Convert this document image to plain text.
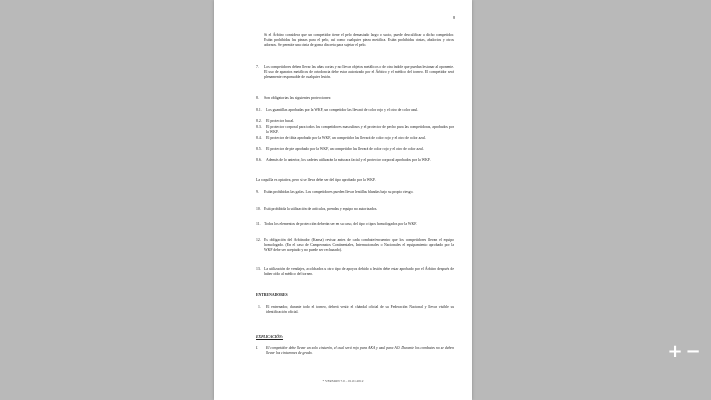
8
Si el Árbitro considera que un competidor tiene el pelo demasiado largo o sucio, puede descalificar a dicho competidor. Están prohibidas las pinzas para el pelo, así como cualquier pieza metálica. Están prohibidas cintas, abalorios y otros adornos. Se permite una cinta de goma discreta para sujetar el pelo.
7. Los competidores deben llevar las uñas cortas y no llevar objetos metálicos o de otra índole que puedan lesionar al oponente. El uso de aparatos metálicos de ortodoncia debe estar autorizado por el Árbitro y el médico del torneo. El competidor será plenamente responsable de cualquier lesión.
8. Son obligatorias las siguientes protecciones:
8.1. Los guantillas aprobadas por la WKF, un competidor las llevará de color rojo y el otro de color azul.
8.2. El protector bucal.
8.3. El protector corporal para todos los competidores masculinos y el protector de pecho para las competidoras, aprobados por la WKF.
8.4. El protector de tibia aprobado por la WKF, un competidor las llevará de color rojo y el otro de color azul.
8.5. El protector de pie aprobado por la WKF, un competidor las llevará de color rojo y el otro de color azul.
8.6. Además de lo anterior, los cadetes utilizarán la máscara facial y el protector corporal aprobados por la WKF.
La coquilla es optativa, pero si se lleva debe ser del tipo aprobado por la WKF.
9. Están prohibidas las gafas. Los competidores pueden llevar lentillas blandas bajo su propio riesgo.
10. Está prohibida la utilización de artículos, prendas y equipo no autorizados.
11. Todos los elementos de protección deberán ser en su caso, del tipo o tipos homologados por la WKF.
12. Es obligación del Arbitrador (Kansa) revisar antes de cada combate/encuentro que los competidores llevan el equipo homologado. (En el caso de Campeonatos Continentales, Internacionales o Nacionales el equipamiento aprobado por la WKF debe ser aceptado y no puede ser rechazado).
13. La utilización de vendajes, acolchados u otro tipo de apoyos debido a lesión debe estar aprobado por el Árbitro después de haber oído al médico del torneo.
ENTRENADORES
1. El entrenador, durante todo el torneo, deberá vestir el chándal oficial de su Federación Nacional y llevar visible su identificación oficial.
EXPLICACIÓN:
I. El competidor debe llevar un solo cinturón, el cual será rojo para AKA y azul para AO. Durante los combates no se deben llevar los cinturones de grado.
* VERSION 7.0 – 01.01.2012
+ −
